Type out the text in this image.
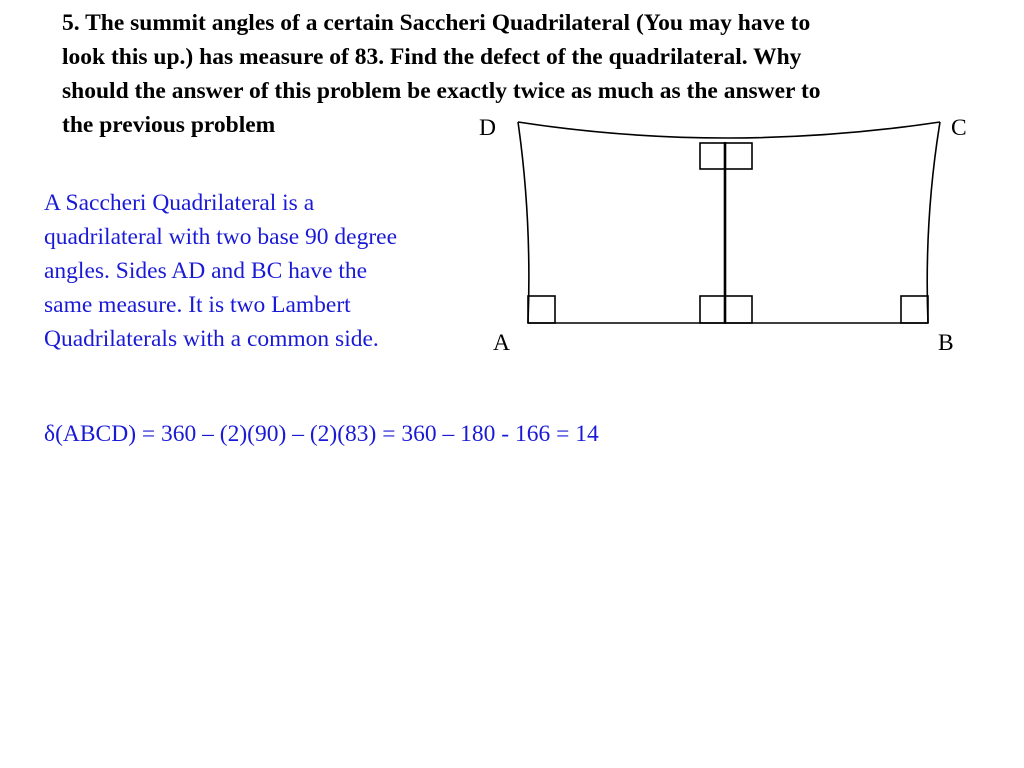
5. The summit angles of a certain Saccheri Quadrilateral (You may have to
look this up.) has measure of 83. Find the defect of the quadrilateral. Why
should the answer of this problem be exactly twice as much as the answer to
the previous problem
A Saccheri Quadrilateral is a
quadrilateral with two base 90 degree
angles. Sides AD and BC have the
same measure. It is two Lambert
Quadrilaterals with a common side.
δ(ABCD) = 360 – (2)(90) – (2)(83) = 360 – 180 - 166 = 14
D	C
A	B
